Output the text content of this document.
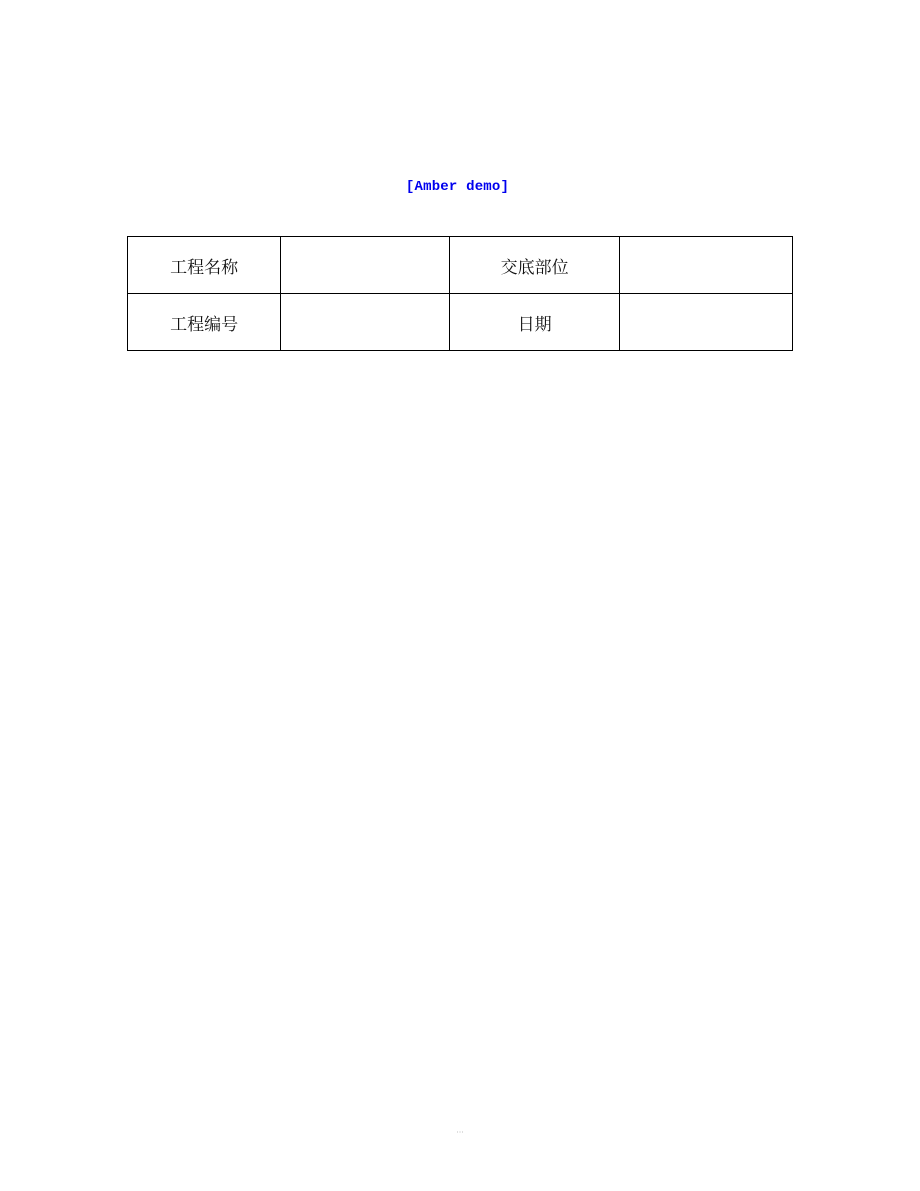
[Amber demo]
工程名称		交底部位	
工程编号		日期	
···
